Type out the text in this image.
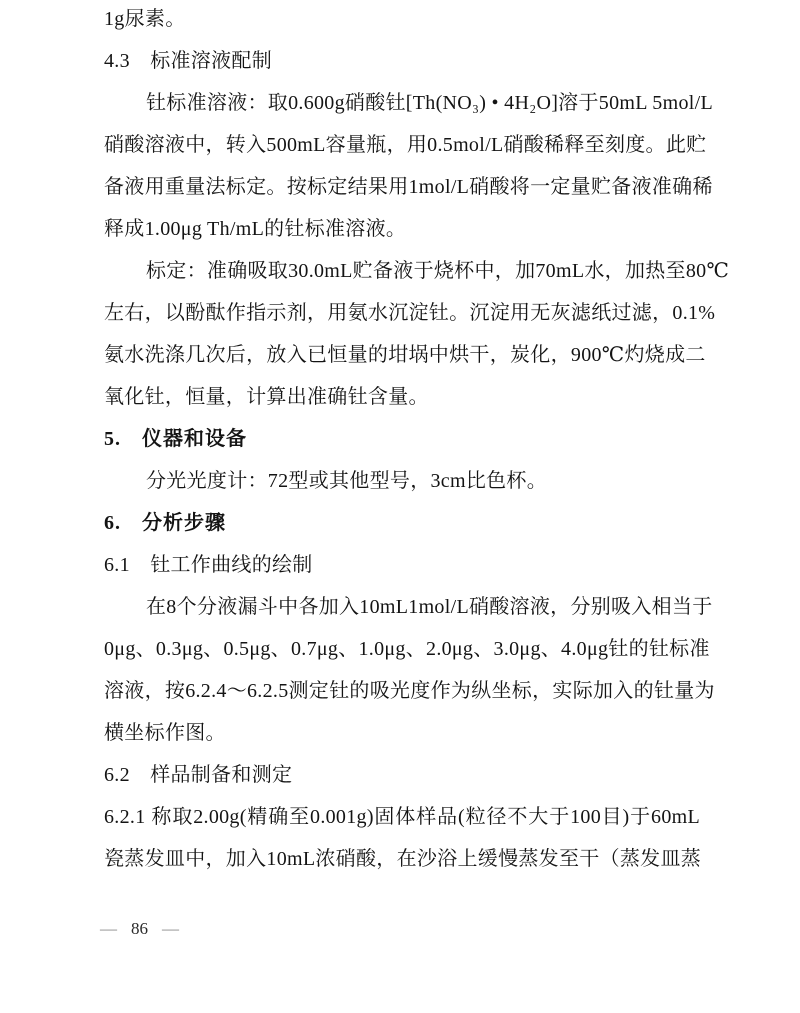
1g尿素。
4.3　标准溶液配制
钍标准溶液：取0.600g硝酸钍[Th(NO₃) • 4H₂O]溶于50mL 5mol/L
硝酸溶液中，转入500mL容量瓶，用0.5mol/L硝酸稀释至刻度。此贮
备液用重量法标定。按标定结果用1mol/L硝酸将一定量贮备液准确稀
释成1.00μg Th/mL的钍标准溶液。
标定：准确吸取30.0mL贮备液于烧杯中，加70mL水，加热至80℃
左右，以酚酞作指示剂，用氨水沉淀钍。沉淀用无灰滤纸过滤，0.1%
氨水洗涤几次后，放入已恒量的坩埚中烘干，炭化，900℃灼烧成二
氧化钍，恒量，计算出准确钍含量。
5.　仪器和设备
分光光度计：72型或其他型号，3cm比色杯。
6.　分析步骤
6.1　钍工作曲线的绘制
在8个分液漏斗中各加入10mL1mol/L硝酸溶液，分别吸入相当于
0μg、0.3μg、0.5μg、0.7μg、1.0μg、2.0μg、3.0μg、4.0μg钍的钍标准
溶液，按6.2.4～6.2.5测定钍的吸光度作为纵坐标，实际加入的钍量为
横坐标作图。
6.2　样品制备和测定
6.2.1 称取2.00g(精确至0.001g)固体样品(粒径不大于100目)于60mL
瓷蒸发皿中，加入10mL浓硝酸，在沙浴上缓慢蒸发至干（蒸发皿蒸
— 86 —
